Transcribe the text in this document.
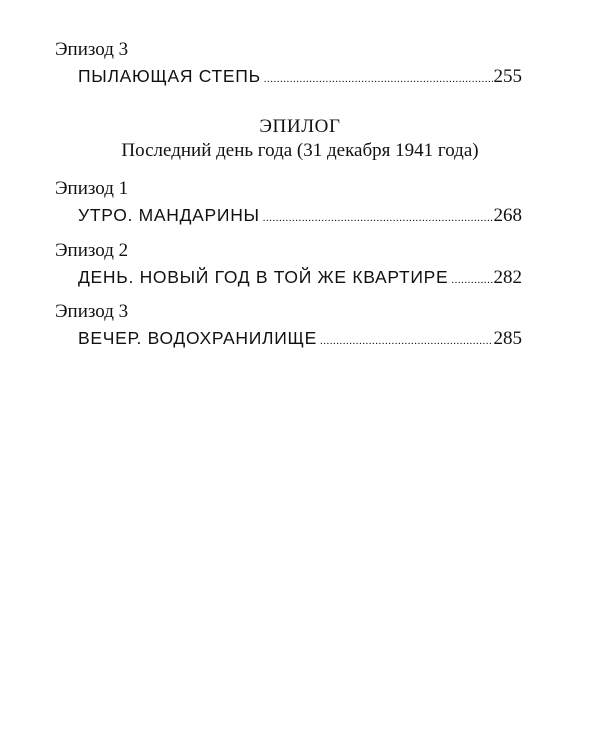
Эпизод 3
ПЫЛАЮЩАЯ СТЕПЬ .....	255
ЭПИЛОГ
Последний день года (31 декабря 1941 года)
Эпизод 1
УТРО. МАНДАРИНЫ .....	268
Эпизод 2
ДЕНЬ. НОВЫЙ ГОД В ТОЙ ЖЕ КВАРТИРЕ ..... 282
Эпизод 3
ВЕЧЕР. ВОДОХРАНИЛИЩЕ .....	285
